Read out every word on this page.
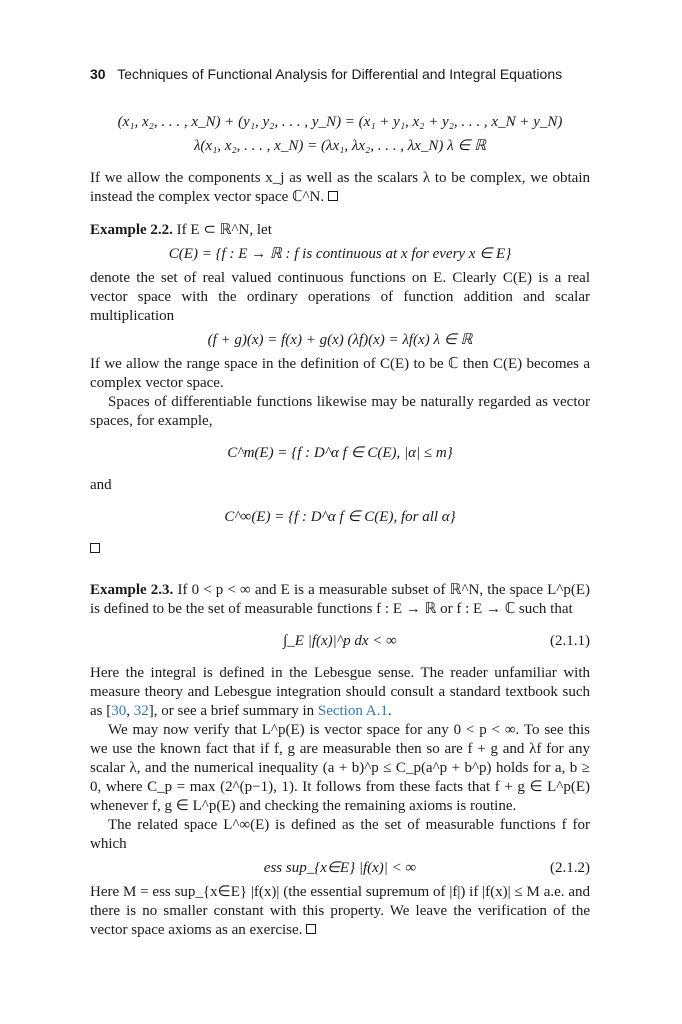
30 Techniques of Functional Analysis for Differential and Integral Equations
(x₁, x₂, . . . , x_N) + (y₁, y₂, . . . , y_N) = (x₁ + y₁, x₂ + y₂, . . . , x_N + y_N)
λ(x₁, x₂, . . . , x_N) = (λx₁, λx₂, . . . , λx_N) λ ∈ ℝ

If we allow the components x_j as well as the scalars λ to be complex, we obtain instead the complex vector space ℂ^N.

Example 2.2. If E ⊂ ℝ^N, let

C(E) = {f : E → ℝ : f is continuous at x for every x ∈ E}

denote the set of real valued continuous functions on E. Clearly C(E) is a real vector space with the ordinary operations of function addition and scalar multiplication

(f + g)(x) = f(x) + g(x) (λf)(x) = λf(x) λ ∈ ℝ

If we allow the range space in the definition of C(E) to be ℂ then C(E) becomes a complex vector space.

Spaces of differentiable functions likewise may be naturally regarded as vector spaces, for example,

C^m(E) = {f : D^α f ∈ C(E), |α| ≤ m}

and

C^∞(E) = {f : D^α f ∈ C(E), for all α}

Example 2.3. If 0 < p < ∞ and E is a measurable subset of ℝ^N, the space L^p(E) is defined to be the set of measurable functions f : E → ℝ or f : E → ℂ such that

∫_E |f(x)|^p dx < ∞	(2.1.1)

Here the integral is defined in the Lebesgue sense. The reader unfamiliar with measure theory and Lebesgue integration should consult a standard textbook such as [30, 32], or see a brief summary in Section A.1.

We may now verify that L^p(E) is vector space for any 0 < p < ∞. To see this we use the known fact that if f, g are measurable then so are f + g and λf for any scalar λ, and the numerical inequality (a + b)^p ≤ C_p(a^p + b^p) holds for a, b ≥ 0, where C_p = max (2^(p−1), 1). It follows from these facts that f + g ∈ L^p(E) whenever f, g ∈ L^p(E) and checking the remaining axioms is routine.

The related space L^∞(E) is defined as the set of measurable functions f for which

ess sup_{x∈E} |f(x)| < ∞	(2.1.2)

Here M = ess sup_{x∈E} |f(x)| (the essential supremum of |f|) if |f(x)| ≤ M a.e. and there is no smaller constant with this property. We leave the verification of the vector space axioms as an exercise.
